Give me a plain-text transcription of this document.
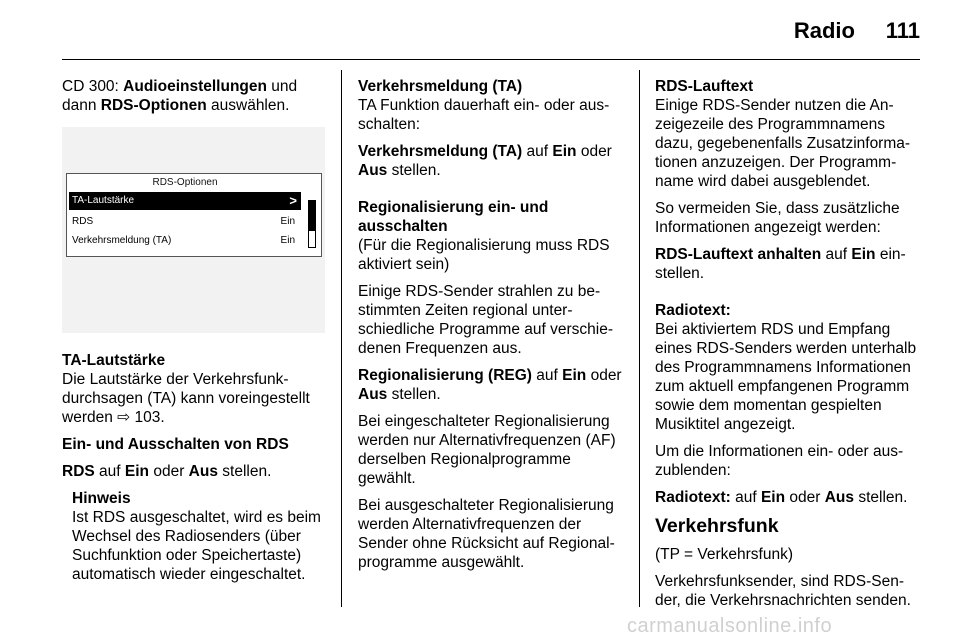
Radio 111

CD 300: Audioeinstellungen und dann RDS-Optionen auswählen.

RDS-Optionen
TA-Lautstärke	>
RDS	Ein
Verkehrsmeldung (TA)	Ein

TA-Lautstärke

Die Lautstärke der Verkehrsfunkdurchsagen (TA) kann voreingestellt werden ⇨ 103.

Ein- und Ausschalten von RDS

RDS auf Ein oder Aus stellen.

Hinweis

Ist RDS ausgeschaltet, wird es beim Wechsel des Radiosenders (über Suchfunktion oder Speichertaste) automatisch wieder eingeschaltet.

Verkehrsmeldung (TA)

TA Funktion dauerhaft ein- oder ausschalten:

Verkehrsmeldung (TA) auf Ein oder Aus stellen.

Regionalisierung ein- und ausschalten

(Für die Regionalisierung muss RDS aktiviert sein)

Einige RDS-Sender strahlen zu bestimmten Zeiten regional unterschiedliche Programme auf verschiedenen Frequenzen aus.

Regionalisierung (REG) auf Ein oder Aus stellen.

Bei eingeschalteter Regionalisierung werden nur Alternativfrequenzen (AF) derselben Regionalprogramme gewählt.

Bei ausgeschalteter Regionalisierung werden Alternativfrequenzen der Sender ohne Rücksicht auf Regionalprogramme ausgewählt.

RDS-Lauftext

Einige RDS-Sender nutzen die Anzeigezeile des Programmnamens dazu, gegebenenfalls Zusatzinformationen anzuzeigen. Der Programmname wird dabei ausgeblendet.

So vermeiden Sie, dass zusätzliche Informationen angezeigt werden:

RDS-Lauftext anhalten auf Ein einstellen.

Radiotext:

Bei aktiviertem RDS und Empfang eines RDS-Senders werden unterhalb des Programmnamens Informationen zum aktuell empfangenen Programm sowie dem momentan gespielten Musiktitel angezeigt.

Um die Informationen ein- oder auszublenden:

Radiotext: auf Ein oder Aus stellen.

Verkehrsfunk

(TP = Verkehrsfunk)

Verkehrsfunksender, sind RDS-Sender, die Verkehrsnachrichten senden.

carmanualsonline.info
